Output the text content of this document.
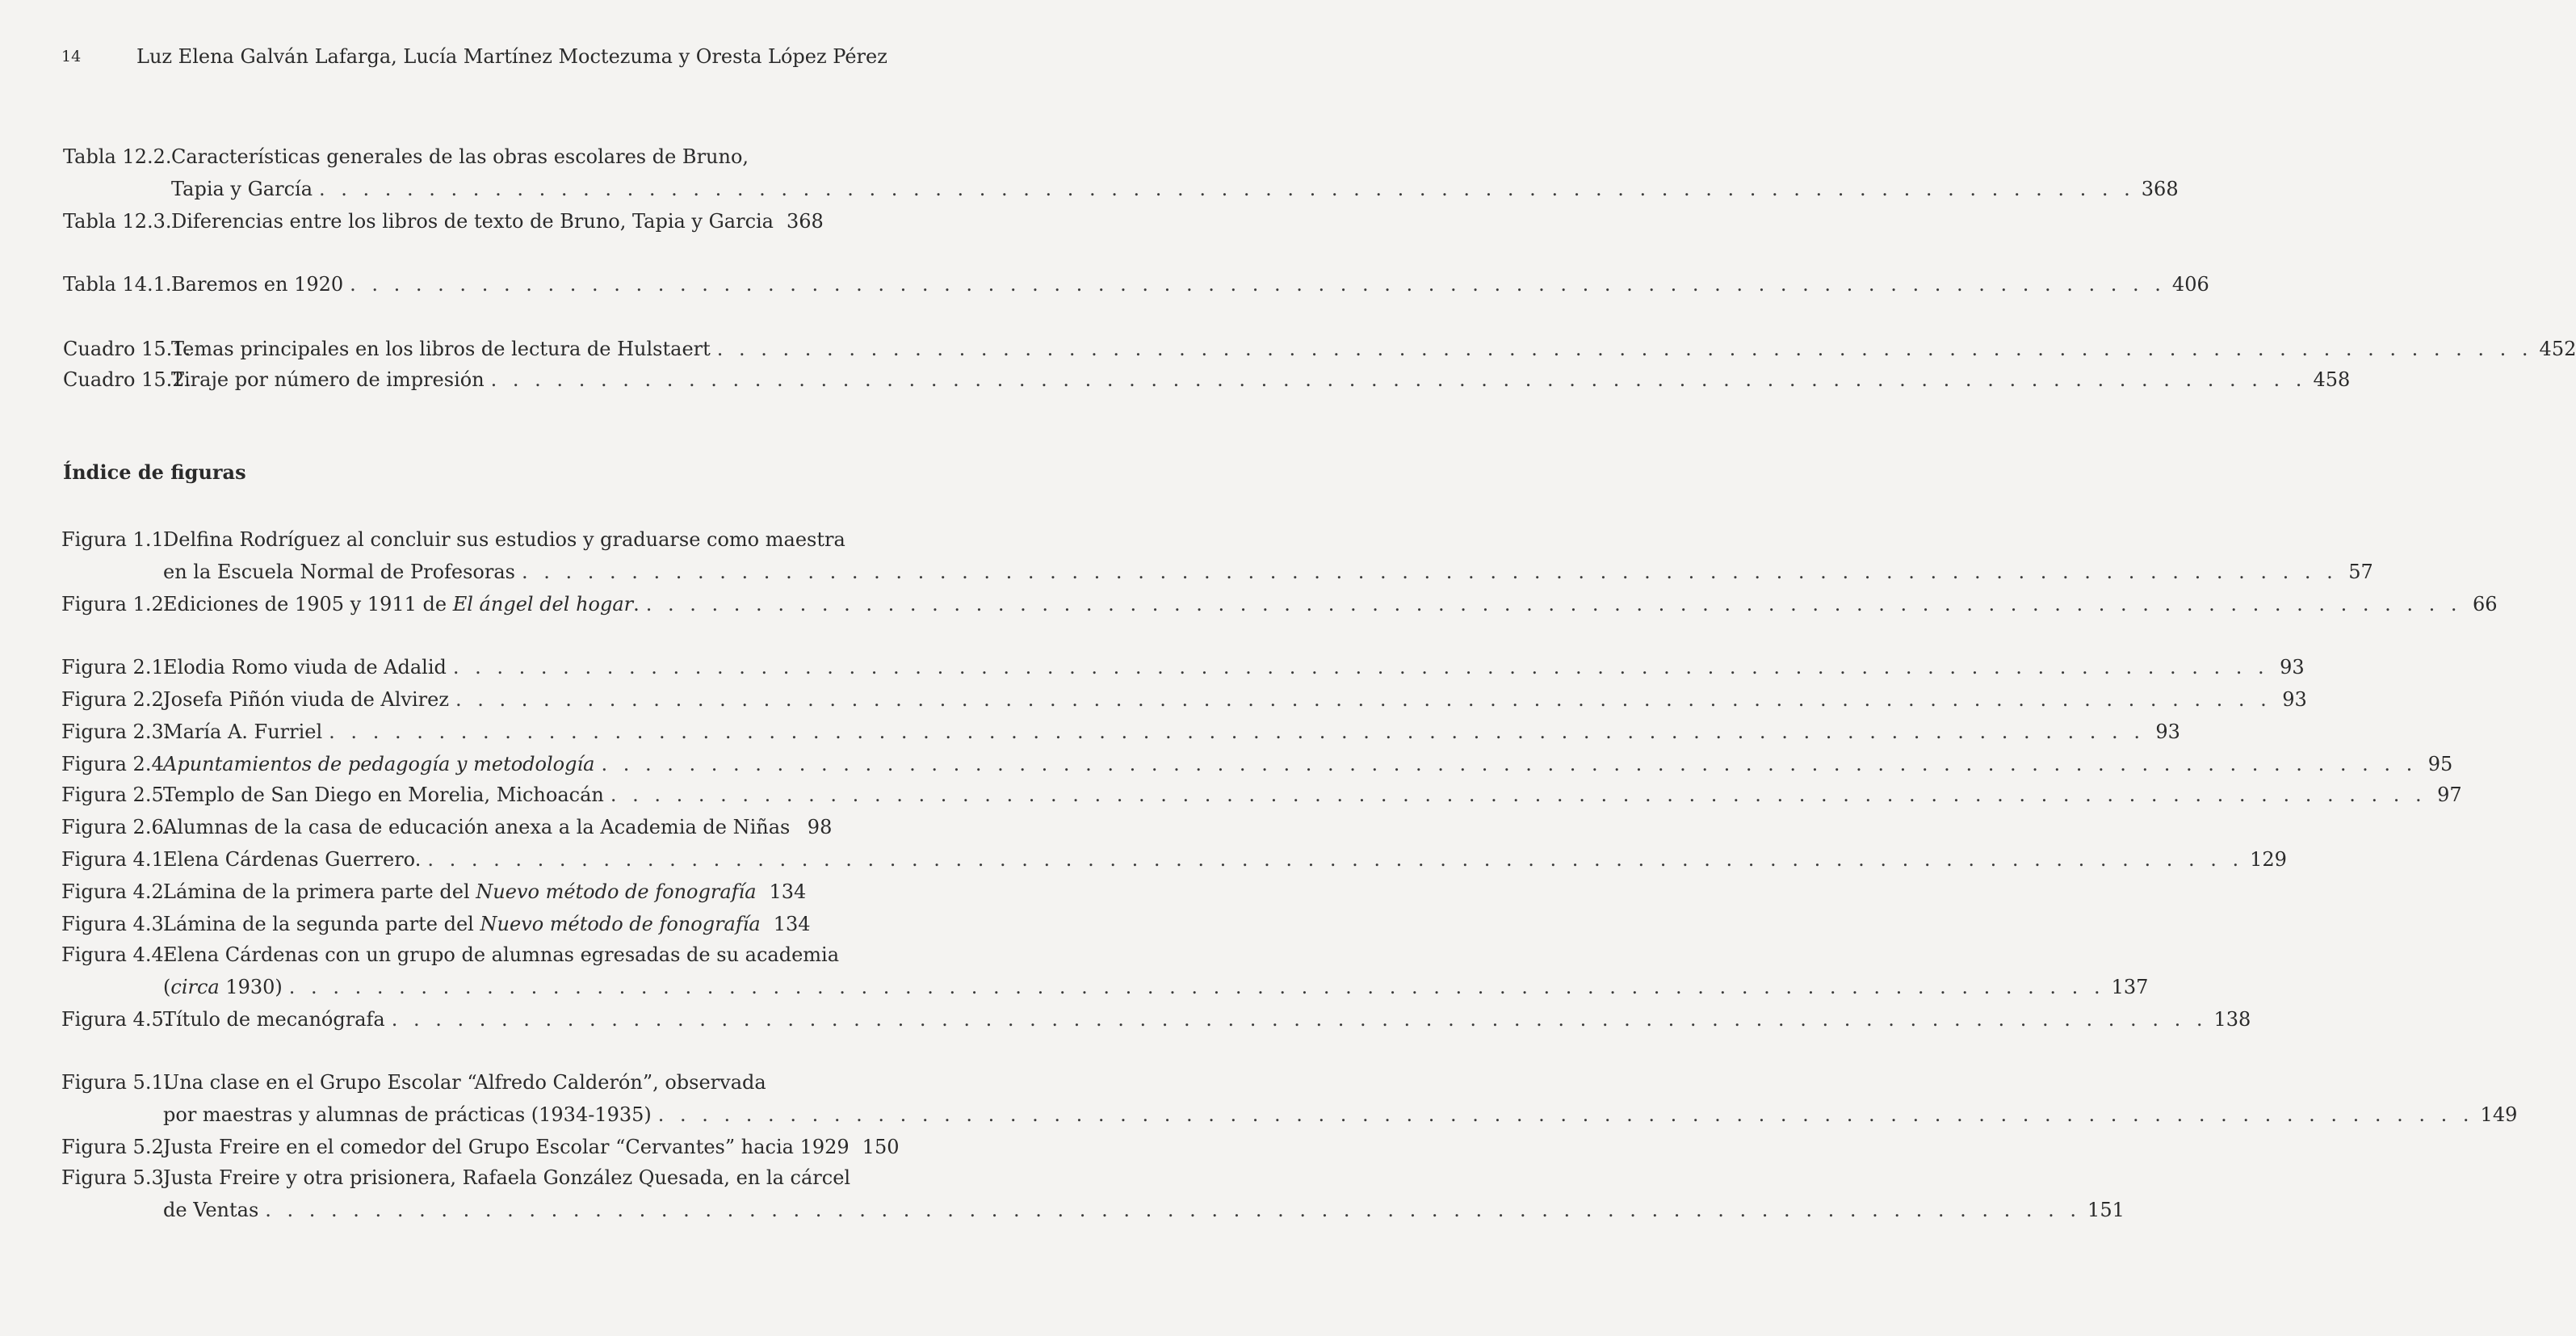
14	Luz Elena Galván Lafarga, Lucía Martínez Moctezuma y Oresta López Pérez
Tabla 12.2. Características generales de las obras escolares de Bruno,
Tapia y García . . . . . . . . . . . . . . . . . . . . . . . . . . . . . . . . . . . . . . . . . . . . . . . . . . . . . . . . . . . . . . . . . . . . . . . . . . . . . . . . . . . 368
Tabla 12.3. Diferencias entre los libros de texto de Bruno, Tapia y Garcia 368
Tabla 14.1. Baremos en 1920 . . . . . . . . . . . . . . . . . . . . . . . . . . . . . . . . . . . . . . . . . . . . . . . . . . . . . . . . . . . . . . . . . . . . . . . . . . . . . . . . . . . 406
Cuadro 15.1.
Temas principales en los libros de lectura de Hulstaert . . . . . . . . . . . . . . . . . . . . . . . . . . . . . . . . . . . . . . . . . . . . . . . . . . . . . . . . . . . . . . . . . . . . . . . . . . . . . . . . . . . 452
Cuadro 15.2.
Tiraje por número de impresión . . . . . . . . . . . . . . . . . . . . . . . . . . . . . . . . . . . . . . . . . . . . . . . . . . . . . . . . . . . . . . . . . . . . . . . . . . . . . . . . . . . 458
Índice de figuras
Figura 1.1.
Delfina Rodríguez al concluir sus estudios y graduarse como maestra
en la Escuela Normal de Profesoras . . . . . . . . . . . . . . . . . . . . . . . . . . . . . . . . . . . . . . . . . . . . . . . . . . . . . . . . . . . . . . . . . . . . . . . . . . . . . . . . . . . 57
Figura 1.2.
Ediciones de 1905 y 1911 de El ángel del hogar. . . . . . . . . . . . . . . . . . . . . . . . . . . . . . . . . . . . . . . . . . . . . . . . . . . . . . . . . . . . . . . . . . . . . . . . . . . . . . . . . . . . 66
Figura 2.1.
Elodia Romo viuda de Adalid . . . . . . . . . . . . . . . . . . . . . . . . . . . . . . . . . . . . . . . . . . . . . . . . . . . . . . . . . . . . . . . . . . . . . . . . . . . . . . . . . . . 93
Figura 2.2.
Josefa Piñón viuda de Alvirez . . . . . . . . . . . . . . . . . . . . . . . . . . . . . . . . . . . . . . . . . . . . . . . . . . . . . . . . . . . . . . . . . . . . . . . . . . . . . . . . . . . 93
Figura 2.3.
María A. Furriel . . . . . . . . . . . . . . . . . . . . . . . . . . . . . . . . . . . . . . . . . . . . . . . . . . . . . . . . . . . . . . . . . . . . . . . . . . . . . . . . . . . 93
Figura 2.4 Apuntamientos de pedagogía y metodología . . . . . . . . . . . . . . . . . . . . . . . . . . . . . . . . . . . . . . . . . . . . . . . . . . . . . . . . . . . . . . . . . . . . . . . . . . . . . . . . . . . 95
Figura 2.5.
Templo de San Diego en Morelia, Michoacán . . . . . . . . . . . . . . . . . . . . . . . . . . . . . . . . . . . . . . . . . . . . . . . . . . . . . . . . . . . . . . . . . . . . . . . . . . . . . . . . . . . 97
Figura 2.6.
Alumnas de la casa de educación anexa a la Academia de Niñas 98
Figura 4.1.
Elena Cárdenas Guerrero. . . . . . . . . . . . . . . . . . . . . . . . . . . . . . . . . . . . . . . . . . . . . . . . . . . . . . . . . . . . . . . . . . . . . . . . . . . . . . . . . . . . 129
Figura 4.2.
Lámina de la primera parte del Nuevo método de fonografía 134
Figura 4.3.
Lámina de la segunda parte del Nuevo método de fonografía 134
Figura 4.4.
Elena Cárdenas con un grupo de alumnas egresadas de su academia
(circa 1930) . . . . . . . . . . . . . . . . . . . . . . . . . . . . . . . . . . . . . . . . . . . . . . . . . . . . . . . . . . . . . . . . . . . . . . . . . . . . . . . . . . . 137
Figura 4.5.
Título de mecanógrafa . . . . . . . . . . . . . . . . . . . . . . . . . . . . . . . . . . . . . . . . . . . . . . . . . . . . . . . . . . . . . . . . . . . . . . . . . . . . . . . . . . . 138
Figura 5.1.
Una clase en el Grupo Escolar “Alfredo Calderón”, observada
por maestras y alumnas de prácticas (1934-1935) . . . . . . . . . . . . . . . . . . . . . . . . . . . . . . . . . . . . . . . . . . . . . . . . . . . . . . . . . . . . . . . . . . . . . . . . . . . . . . . . . . . 149
Figura 5.2.
Justa Freire en el comedor del Grupo Escolar “Cervantes” hacia 1929 150
Figura 5.3.
Justa Freire y otra prisionera, Rafaela González Quesada, en la cárcel
de Ventas . . . . . . . . . . . . . . . . . . . . . . . . . . . . . . . . . . . . . . . . . . . . . . . . . . . . . . . . . . . . . . . . . . . . . . . . . . . . . . . . . . . 151
